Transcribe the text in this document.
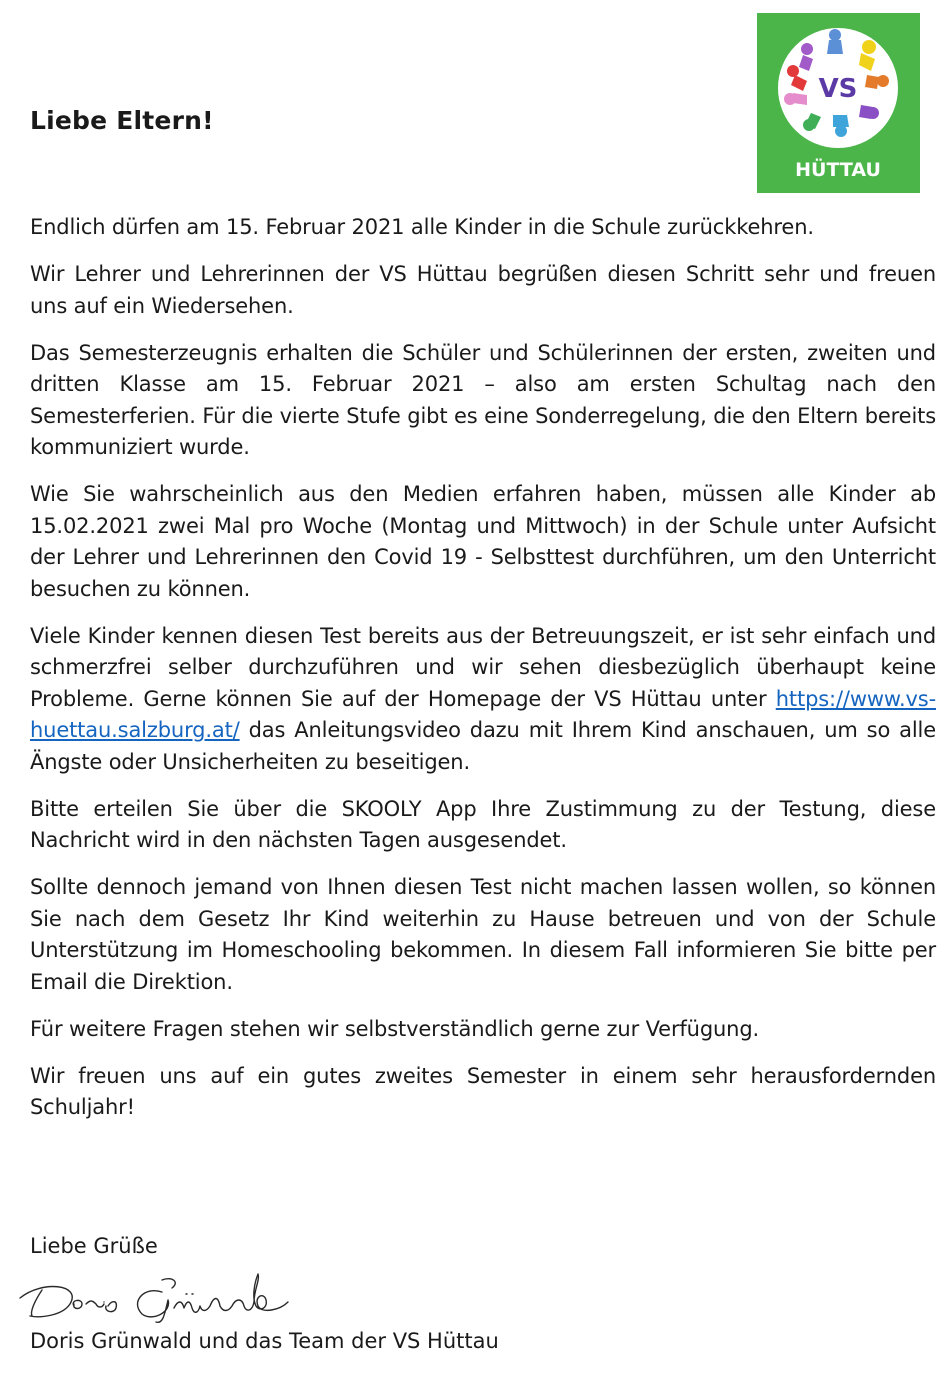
VS
HÜTTAU
Liebe Eltern!

Endlich dürfen am 15. Februar 2021 alle Kinder in die Schule zurückkehren.

Wir Lehrer und Lehrerinnen der VS Hüttau begrüßen diesen Schritt sehr und freuen uns auf ein Wiedersehen.

Das Semesterzeugnis erhalten die Schüler und Schülerinnen der ersten, zweiten und dritten Klasse am 15. Februar 2021 – also am ersten Schultag nach den Semesterferien. Für die vierte Stufe gibt es eine Sonderregelung, die den Eltern bereits kommuniziert wurde.

Wie Sie wahrscheinlich aus den Medien erfahren haben, müssen alle Kinder ab 15.02.2021 zwei Mal pro Woche (Montag und Mittwoch) in der Schule unter Aufsicht der Lehrer und Lehrerinnen den Covid 19 - Selbsttest durchführen, um den Unterricht besuchen zu können.

Viele Kinder kennen diesen Test bereits aus der Betreuungszeit, er ist sehr einfach und schmerzfrei selber durchzuführen und wir sehen diesbezüglich überhaupt keine Probleme. Gerne können Sie auf der Homepage der VS Hüttau unter https://www.vs-huettau.salzburg.at/ das Anleitungsvideo dazu mit Ihrem Kind anschauen, um so alle Ängste oder Unsicherheiten zu beseitigen.

Bitte erteilen Sie über die SKOOLY App Ihre Zustimmung zu der Testung, diese Nachricht wird in den nächsten Tagen ausgesendet.

Sollte dennoch jemand von Ihnen diesen Test nicht machen lassen wollen, so können Sie nach dem Gesetz Ihr Kind weiterhin zu Hause betreuen und von der Schule Unterstützung im Homeschooling bekommen. In diesem Fall informieren Sie bitte per Email die Direktion.

Für weitere Fragen stehen wir selbstverständlich gerne zur Verfügung.

Wir freuen uns auf ein gutes zweites Semester in einem sehr herausfordernden Schuljahr!

Liebe Grüße

Doris Grünwald und das Team der VS Hüttau
